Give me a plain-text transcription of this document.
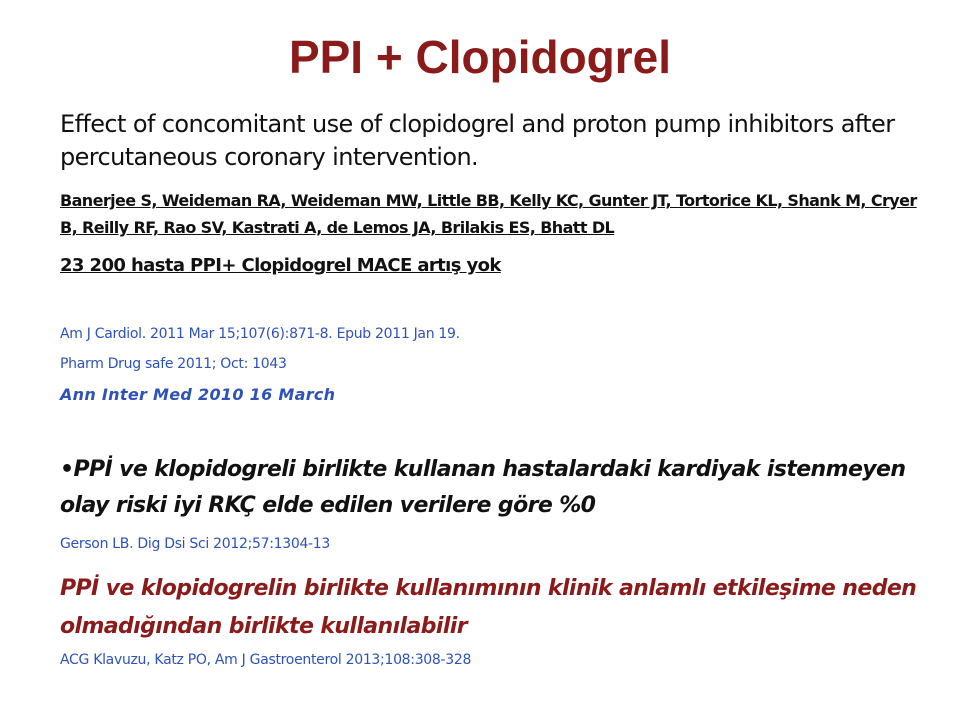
PPI + Clopidogrel

Effect of concomitant use of clopidogrel and proton pump inhibitors after percutaneous coronary intervention.

Banerjee S, Weideman RA, Weideman MW, Little BB, Kelly KC, Gunter JT, Tortorice KL, Shank M, Cryer B, Reilly RF, Rao SV, Kastrati A, de Lemos JA, Brilakis ES, Bhatt DL

23 200 hasta PPI+ Clopidogrel MACE artış yok

Am J Cardiol. 2011 Mar 15;107(6):871-8. Epub 2011 Jan 19.

Pharm Drug safe 2011; Oct: 1043

Ann Inter Med 2010 16 March

•PPİ ve klopidogreli birlikte kullanan hastalardaki kardiyak istenmeyen olay riski iyi RKÇ elde edilen verilere göre %0

Gerson LB. Dig Dsi Sci 2012;57:1304-13

PPİ ve klopidogrelin birlikte kullanımının klinik anlamlı etkileşime neden olmadığından birlikte kullanılabilir

ACG Klavuzu, Katz PO, Am J Gastroenterol 2013;108:308-328
